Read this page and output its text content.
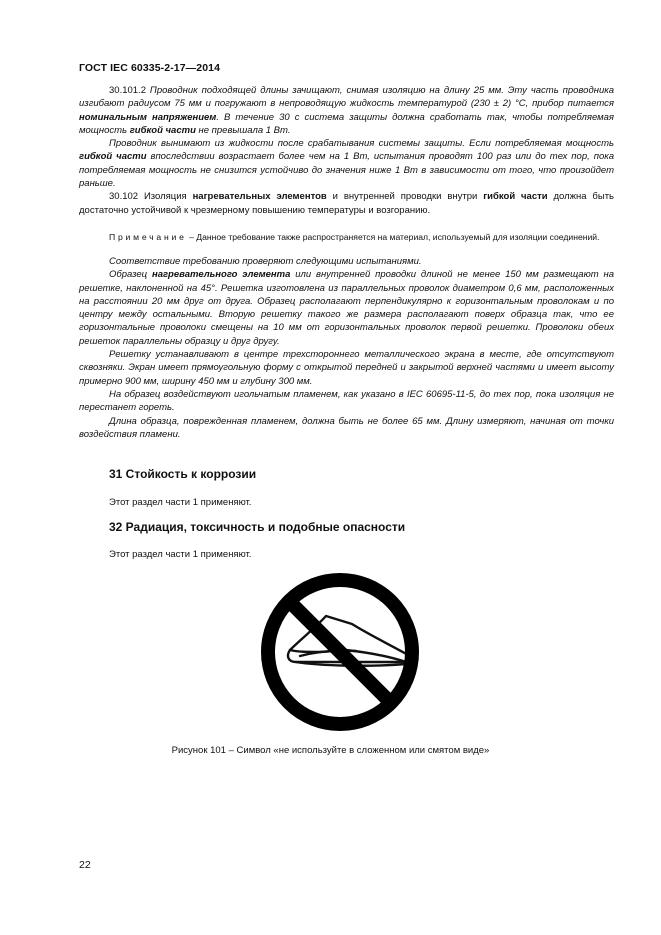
ГОСТ IEC 60335-2-17—2014

30.101.2 Проводник подходящей длины зачищают, снимая изоляцию на длину 25 мм. Эту часть проводника изгибают радиусом 75 мм и погружают в непроводящую жидкость температурой (230 ± 2) °С, прибор питается номинальным напряжением. В течение 30 с система защиты должна сработать так, чтобы потребляемая мощность гибкой части не превышала 1 Вт.

Проводник вынимают из жидкости после срабатывания системы защиты. Если потребляемая мощность гибкой части впоследствии возрастает более чем на 1 Вт, испытания проводят 100 раз или до тех пор, пока потребляемая мощность не снизится устойчиво до значения ниже 1 Вт в зависимости от того, что произойдет раньше.

30.102 Изоляция нагревательных элементов и внутренней проводки внутри гибкой части должна быть достаточно устойчивой к чрезмерному повышению температуры и возгоранию.

Примечание – Данное требование также распространяется на материал, используемый для изоляции соединений.

Соответствие требованию проверяют следующими испытаниями.

Образец нагревательного элемента или внутренней проводки длиной не менее 150 мм размещают на решетке, наклоненной на 45°. Решетка изготовлена из параллельных проволок диаметром 0,6 мм, расположенных на расстоянии 20 мм друг от друга. Образец располагают перпендикулярно к горизонтальным проволокам и по центру между остальными. Вторую решетку такого же размера располагают поверх образца так, что ее горизонтальные проволоки смещены на 10 мм от горизонтальных проволок первой решетки. Проволоки обеих решеток параллельны образцу и друг другу.

Решетку устанавливают в центре трехстороннего металлического экрана в месте, где отсутствуют сквозняки. Экран имеет прямоугольную форму с открытой передней и закрытой верхней частями и имеет высоту примерно 900 мм, ширину 450 мм и глубину 300 мм.

На образец воздействуют игольчатым пламенем, как указано в IEC 60695-11-5, до тех пор, пока изоляция не перестанет гореть.

Длина образца, поврежденная пламенем, должна быть не более 65 мм. Длину измеряют, начиная от точки воздействия пламени.

31 Стойкость к коррозии
Этот раздел части 1 применяют.
32 Радиация, токсичность и подобные опасности
Этот раздел части 1 применяют.
Рисунок 101 – Символ «не используйте в сложенном или смятом виде»
22
